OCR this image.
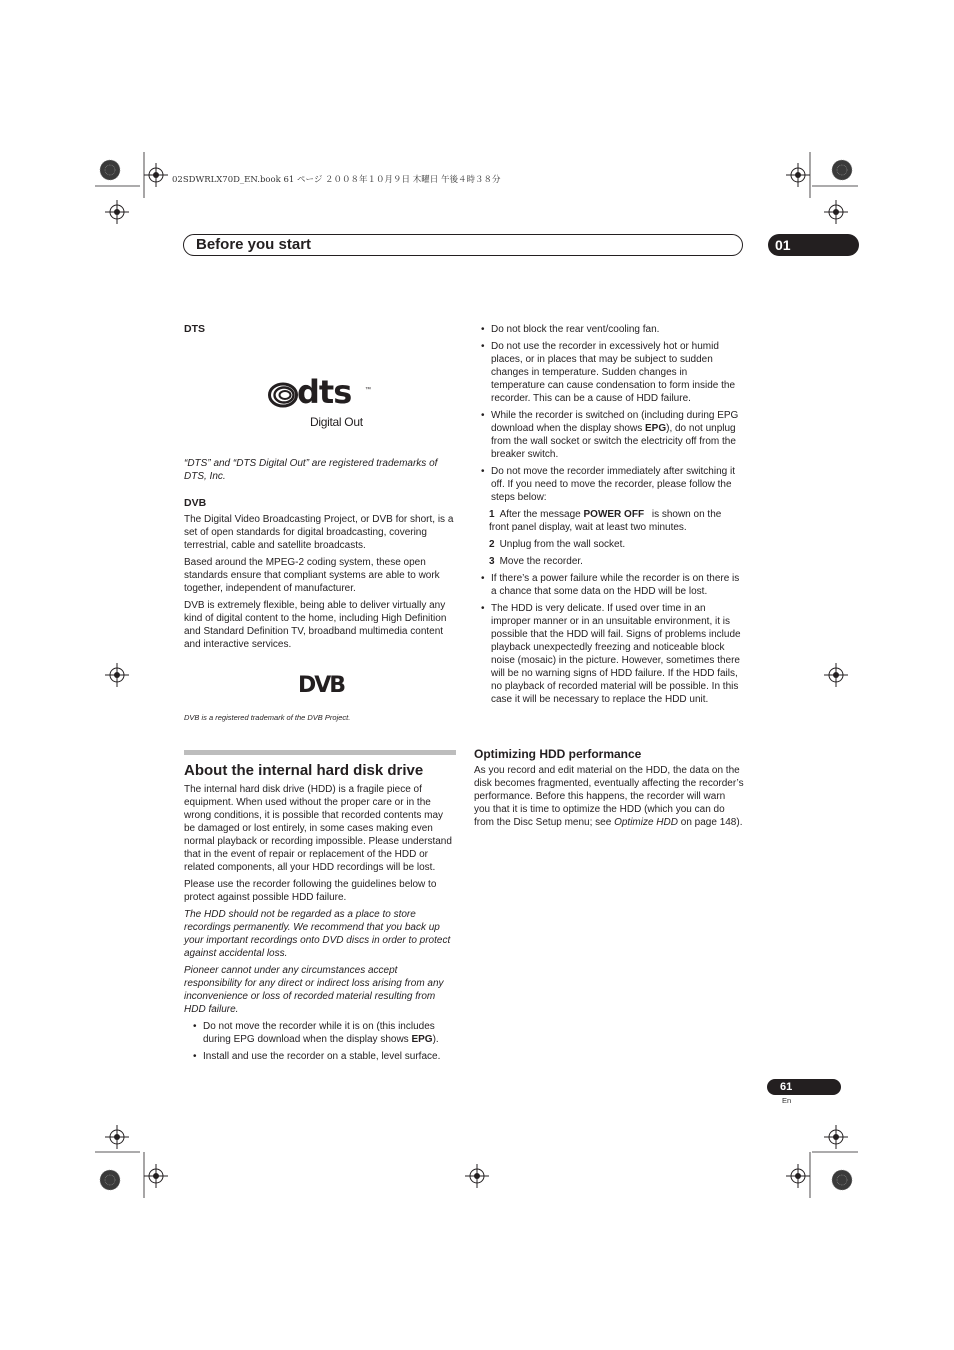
02SDWRLX70D_EN.book 61 ページ ２００８年１０月９日 木曜日 午後４時３８分
Before you start	01
DTS
dts ™
Digital Out

“DTS” and “DTS Digital Out” are registered trademarks of DTS, Inc.

DVB

The Digital Video Broadcasting Project, or DVB for short, is a set of open standards for digital broadcasting, covering terrestrial, cable and satellite broadcasts.

Based around the MPEG-2 coding system, these open standards ensure that compliant systems are able to work together, independent of manufacturer.

DVB is extremely flexible, being able to deliver virtually any kind of digital content to the home, including High Definition and Standard Definition TV, broadband multimedia content and interactive services.

DVB

DVB is a registered trademark of the DVB Project.

About the internal hard disk drive

The internal hard disk drive (HDD) is a fragile piece of equipment. When used without the proper care or in the wrong conditions, it is possible that recorded contents may be damaged or lost entirely, in some cases making even normal playback or recording impossible. Please understand that in the event of repair or replacement of the HDD or related components, all your HDD recordings will be lost.

Please use the recorder following the guidelines below to protect against possible HDD failure.

The HDD should not be regarded as a place to store recordings permanently. We recommend that you back up your important recordings onto DVD discs in order to protect against accidental loss.

Pioneer cannot under any circumstances accept responsibility for any direct or indirect loss arising from any inconvenience or loss of recorded material resulting from HDD failure.

• Do not move the recorder while it is on (this includes during EPG download when the display shows EPG).
• Install and use the recorder on a stable, level surface.
• Do not block the rear vent/cooling fan.
• Do not use the recorder in excessively hot or humid places, or in places that may be subject to sudden changes in temperature. Sudden changes in temperature can cause condensation to form inside the recorder. This can be a cause of HDD failure.
• While the recorder is switched on (including during EPG download when the display shows EPG), do not unplug from the wall socket or switch the electricity off from the breaker switch.
• Do not move the recorder immediately after switching it off. If you need to move the recorder, please follow the steps below:
1 After the message POWER OFF is shown on the front panel display, wait at least two minutes.
2 Unplug from the wall socket.
3 Move the recorder.
• If there’s a power failure while the recorder is on there is a chance that some data on the HDD will be lost.
• The HDD is very delicate. If used over time in an improper manner or in an unsuitable environment, it is possible that the HDD will fail. Signs of problems include playback unexpectedly freezing and noticeable block noise (mosaic) in the picture. However, sometimes there will be no warning signs of HDD failure. If the HDD fails, no playback of recorded material will be possible. In this case it will be necessary to replace the HDD unit.
Optimizing HDD performance

As you record and edit material on the HDD, the data on the disk becomes fragmented, eventually affecting the recorder’s performance. Before this happens, the recorder will warn you that it is time to optimize the HDD (which you can do from the Disc Setup menu; see Optimize HDD on page 148).

61
En
